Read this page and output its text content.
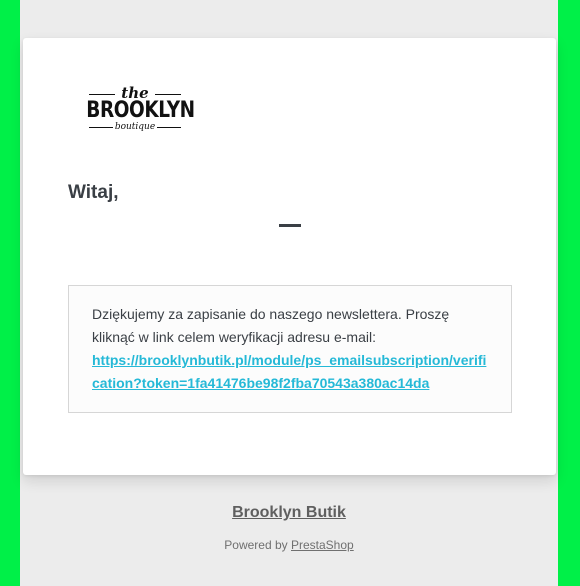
the
BROOKLYN
boutique
Witaj,
Dziękujemy za zapisanie do naszego newslettera. Proszę kliknąć w link celem weryfikacji adresu e-mail:
https://brooklynbutik.pl/module/ps_emailsubscription/verification?token=1fa41476be98f2fba70543a380ac14da
Brooklyn Butik
Powered by PrestaShop
